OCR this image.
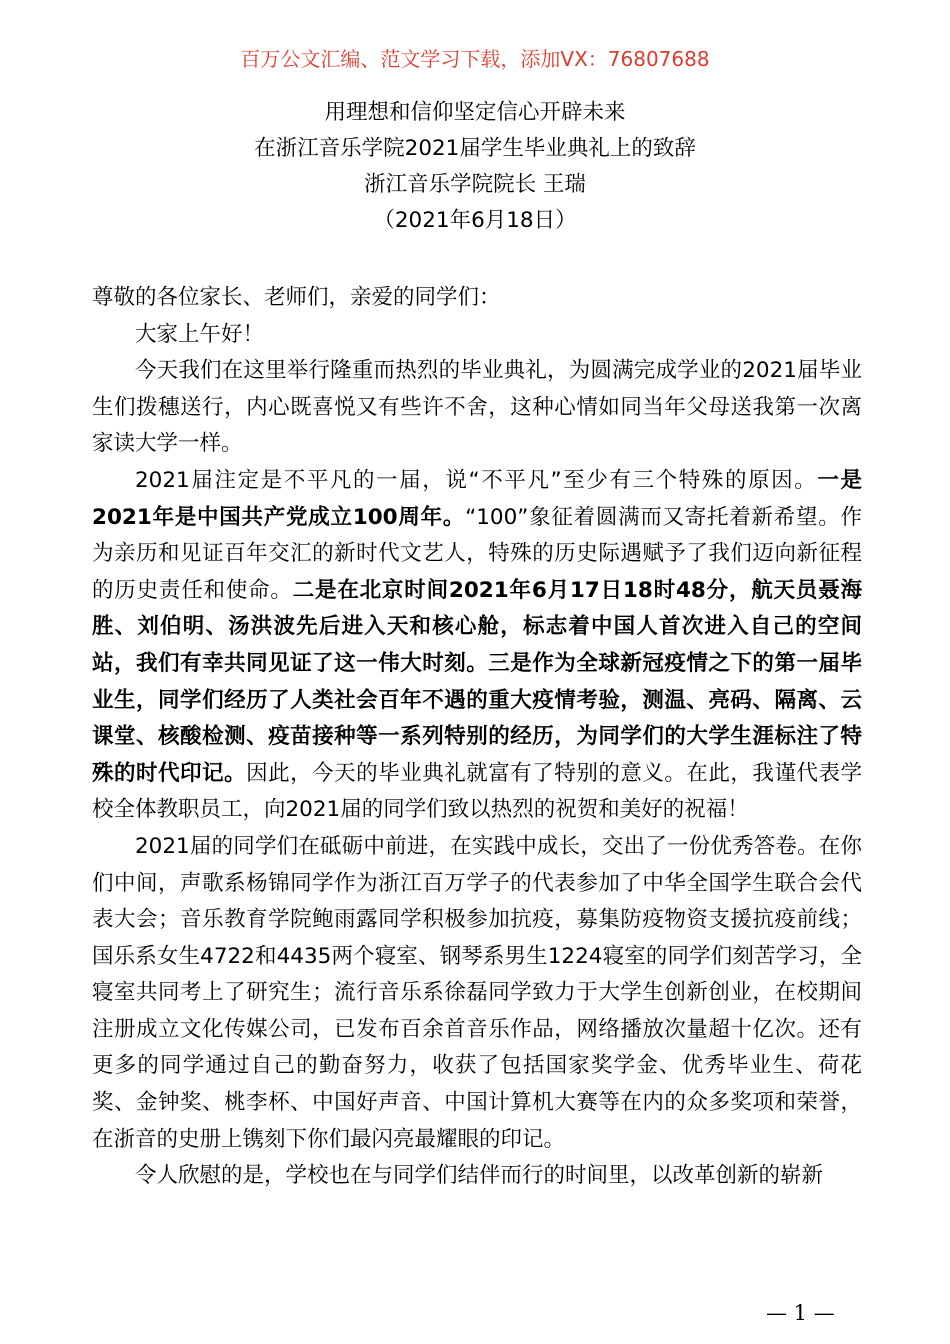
百万公文汇编、范文学习下载，添加VX：76807688
用理想和信仰坚定信心开辟未来
在浙江音乐学院2021届学生毕业典礼上的致辞
浙江音乐学院院长 王瑞
（2021年6月18日）

尊敬的各位家长、老师们，亲爱的同学们：

大家上午好！

今天我们在这里举行隆重而热烈的毕业典礼，为圆满完成学业的2021届毕业生们拨穗送行，内心既喜悦又有些许不舍，这种心情如同当年父母送我第一次离家读大学一样。

2021届注定是不平凡的一届，说“不平凡”至少有三个特殊的原因。一是2021年是中国共产党成立100周年。“100”象征着圆满而又寄托着新希望。作为亲历和见证百年交汇的新时代文艺人，特殊的历史际遇赋予了我们迈向新征程的历史责任和使命。二是在北京时间2021年6月17日18时48分，航天员聂海胜、刘伯明、汤洪波先后进入天和核心舱，标志着中国人首次进入自己的空间站，我们有幸共同见证了这一伟大时刻。三是作为全球新冠疫情之下的第一届毕业生，同学们经历了人类社会百年不遇的重大疫情考验，测温、亮码、隔离、云课堂、核酸检测、疫苗接种等一系列特别的经历，为同学们的大学生涯标注了特殊的时代印记。因此，今天的毕业典礼就富有了特别的意义。在此，我谨代表学校全体教职员工，向2021届的同学们致以热烈的祝贺和美好的祝福！

2021届的同学们在砥砺中前进，在实践中成长，交出了一份优秀答卷。在你们中间，声歌系杨锦同学作为浙江百万学子的代表参加了中华全国学生联合会代表大会；音乐教育学院鲍雨露同学积极参加抗疫，募集防疫物资支援抗疫前线；国乐系女生4722和4435两个寝室、钢琴系男生1224寝室的同学们刻苦学习，全寝室共同考上了研究生；流行音乐系徐磊同学致力于大学生创新创业，在校期间注册成立文化传媒公司，已发布百余首音乐作品，网络播放次量超十亿次。还有更多的同学通过自己的勤奋努力，收获了包括国家奖学金、优秀毕业生、荷花奖、金钟奖、桃李杯、中国好声音、中国计算机大赛等在内的众多奖项和荣誉，在浙音的史册上镌刻下你们最闪亮最耀眼的印记。

令人欣慰的是，学校也在与同学们结伴而行的时间里，以改革创新的崭新

— 1 —
